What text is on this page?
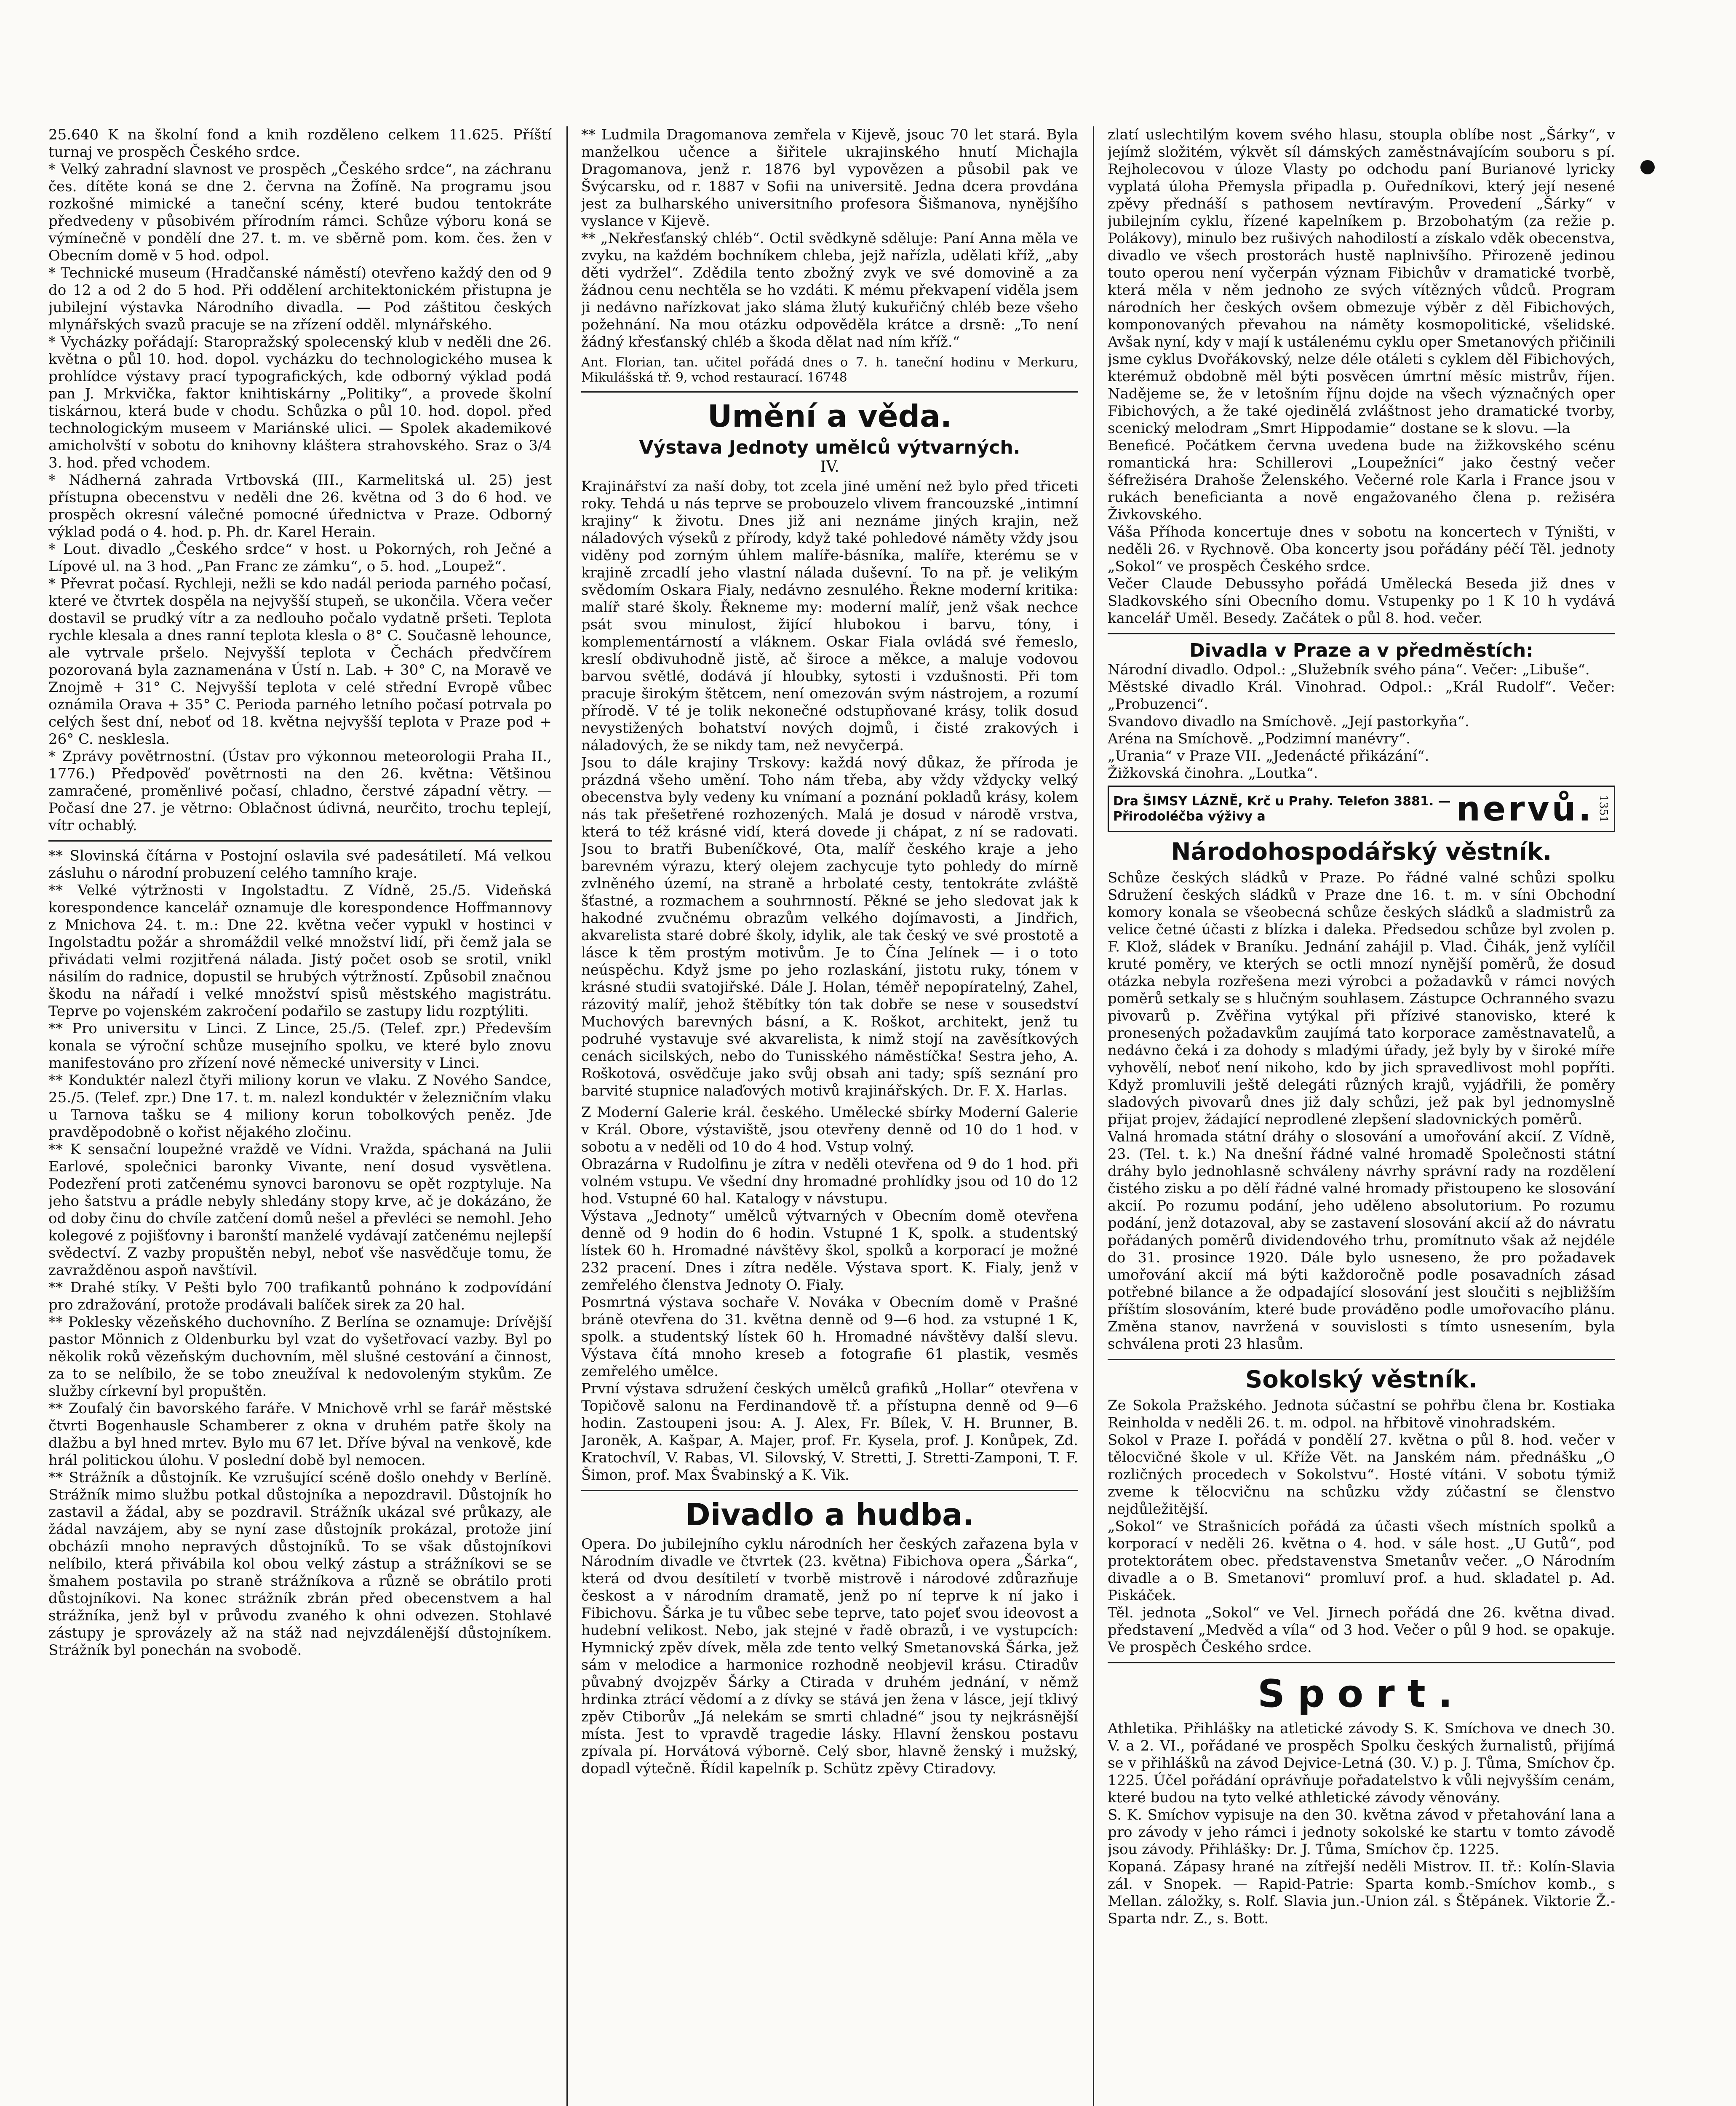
25.640 K na školní fond a knih rozděleno celkem 11.625. Příští turnaj ve prospěch Českého srdce.
* Velký zahradní slavnost ve prospěch „Českého srdce“, na záchranu čes. dítěte koná se dne 2. června na Žofíně. Na programu jsou rozkošné mimické a taneční scény, které budou tentokráte předvedeny v působivém přírodním rámci. Schůze výboru koná se výmínečně v pondělí dne 27. t. m. ve sběrně pom. kom. čes. žen v Obecním domě v 5 hod. odpol.
* Technické museum (Hradčanské náměstí) otevřeno každý den od 9 do 12 a od 2 do 5 hod. Při oddělení architektonickém přistupna je jubilejní výstavka Národního divadla. — Pod záštitou českých mlynářských svazů pracuje se na zřízení odděl. mlynářského.
* Vycházky pořádají: Staropražský spolecenský klub v neděli dne 26. května o půl 10. hod. dopol. vycházku do technologického musea k prohlídce výstavy prací typografických, kde odborný výklad podá pan J. Mrkvička, faktor knihtiskárny „Politiky“, a provede školní tiskárnou, která bude v chodu. Schůzka o půl 10. hod. dopol. před technologickým museem v Mariánské ulici. — Spolek akademikové amicholvští v sobotu do knihovny kláštera strahovského. Sraz o 3/4 3. hod. před vchodem.
* Nádherná zahrada Vrtbovská (III., Karmelitská ul. 25) jest přístupna obecenstvu v neděli dne 26. května od 3 do 6 hod. ve prospěch okresní válečné pomocné úřednictva v Praze. Odborný výklad podá o 4. hod. p. Ph. dr. Karel Herain.
* Lout. divadlo „Českého srdce“ v host. u Pokorných, roh Ječné a Lípové ul. na 3 hod. „Pan Franc ze zámku“, o 5. hod. „Loupež“.
* Převrat počasí. Rychleji, nežli se kdo nadál perioda parného počasí, které ve čtvrtek dospěla na nejvyšší stupeň, se ukončila. Včera večer dostavil se prudký vítr a za nedlouho počalo vydatně pršeti. Teplota rychle klesala a dnes ranní teplota klesla o 8° C. Současně lehounce, ale vytrvale pršelo. Nejvyšší teplota v Čechách předvčírem pozorovaná byla zaznamenána v Ústí n. Lab. + 30° C, na Moravě ve Znojmě + 31° C. Nejvyšší teplota v celé střední Evropě vůbec oznámila Orava + 35° C. Perioda parného letního počasí potrvala po celých šest dní, neboť od 18. května nejvyšší teplota v Praze pod + 26° C. nesklesla.
* Zprávy povětrnostní. (Ústav pro výkonnou meteorologii Praha II., 1776.) Předpověď povětrnosti na den 26. května: Většinou zamračené, proměnlivé počasí, chladno, čerstvé západní větry. — Počasí dne 27. je větrno: Oblačnost údivná, neurčito, trochu teplejí, vítr ochablý.

** Slovinská čítárna v Postojní oslavila své padesátiletí. Má velkou zásluhu o národní probuzení celého tamního kraje.
** Velké výtržnosti v Ingolstadtu. Z Vídně, 25./5. Videňská korespondence kancelář oznamuje dle korespondence Hoffmannovy z Mnichova 24. t. m.: Dne 22. května večer vypukl v hostinci v Ingolstadtu požár a shromáždil velké množství lidí, při čemž jala se přivádati velmi rozjitřená nálada. Jistý počet osob se srotil, vnikl násilím do radnice, dopustil se hrubých výtržností. Způsobil značnou škodu na nářadí i velké množství spisů městského magistrátu. Teprve po vojenském zakročení podařilo se zastupy lidu rozptýliti.
** Pro universitu v Linci. Z Lince, 25./5. (Telef. zpr.) Především konala se výroční schůze musejního spolku, ve které bylo znovu manifestováno pro zřízení nové německé university v Linci.
** Konduktér nalezl čtyři miliony korun ve vlaku. Z Nového Sandce, 25./5. (Telef. zpr.) Dne 17. t. m. nalezl konduktér v železničním vlaku u Tarnova tašku se 4 miliony korun tobolkových peněz. Jde pravděpodobně o kořist nějakého zločinu.
** K sensační loupežné vraždě ve Vídni. Vražda, spáchaná na Julii Earlové, společnici baronky Vivante, není dosud vysvětlena. Podezření proti zatčenému synovci baronovu se opět rozptyluje. Na jeho šatstvu a prádle nebyly shledány stopy krve, ač je dokázáno, že od doby činu do chvíle zatčení domů nešel a převléci se nemohl. Jeho kolegové z pojišťovny i baronští manželé vydávají zatčenému nejlepší svědectví. Z vazby propuštěn nebyl, neboť vše nasvědčuje tomu, že zavražděnou aspoň navštívil.
** Drahé stíky. V Pešti bylo 700 trafikantů pohnáno k zodpovídání pro zdražování, protože prodávali balíček sirek za 20 hal.
** Poklesky vězeňského duchovního. Z Berlína se oznamuje: Drívější pastor Mönnich z Oldenburku byl vzat do vyšetřovací vazby. Byl po několik roků vězeňským duchovním, měl slušné cestování a činnost, za to se nelíbilo, že se tobo zneužíval k nedovoleným stykům. Ze služby církevní byl propuštěn.
** Zoufalý čin bavorského faráře. V Mnichově vrhl se farář městské čtvrti Bogenhausle Schamberer z okna v druhém patře školy na dlažbu a byl hned mrtev. Bylo mu 67 let. Dříve býval na venkově, kde hrál politickou úlohu. V poslední době byl nemocen.
** Strážník a důstojník. Ke vzrušující scéně došlo onehdy v Berlíně. Strážník mimo službu potkal důstojníka a nepozdravil. Důstojník ho zastavil a žádal, aby se pozdravil. Strážník ukázal své průkazy, ale žádal navzájem, aby se nyní zase důstojník prokázal, protože jiní obcházíi mnoho nepravých důstojníků. To se však důstojníkovi nelíbilo, která přivábila kol obou velký zástup a strážníkovi se se šmahem postavila po straně strážníkova a různě se obrátilo proti důstojníkovi. Na konec strážník zbrán před obecenstvem a hal strážníka, jenž byl v průvodu zvaného k ohni odvezen. Stohlavé zástupy je sprovázely až na stáž nad nejvzdálenější důstojníkem. Strážník byl ponechán na svobodě.

** Ludmila Dragomanova zemřela v Kijevě, jsouc 70 let stará. Byla manželkou učence a šiřitele ukrajinského hnutí Michajla Dragomanova, jenž r. 1876 byl vypovězen a působil pak ve Švýcarsku, od r. 1887 v Sofii na universitě. Jedna dcera provdána jest za bulharského universitního profesora Šišmanova, nynějšího vyslance v Kijevě.
** „Nekřesťanský chléb“. Octil svědkyně sděluje: Paní Anna měla ve zvyku, na každém bochníkem chleba, jejž nařízla, udělati kříž, „aby děti vydržel“. Zdědila tento zbožný zvyk ve své domovině a za žádnou cenu nechtěla se ho vzdáti. K mému překvapení viděla jsem ji nedávno nařízkovat jako sláma žlutý kukuřičný chléb beze všeho požehnání. Na mou otázku odpověděla krátce a drsně: „To není žádný křesťanský chléb a škoda dělat nad ním kříž.“

Ant. Florian, tan. učitel pořádá dnes o 7. h. taneční hodinu v Merkuru, Mikulášská tř. 9, vchod restaurací. 16748

Umění a věda.
Výstava Jednoty umělců výtvarných.

IV.

Krajinářství za naší doby, tot zcela jiné umění než bylo před třiceti roky. Tehdá u nás teprve se probouzelo vlivem francouzské „intimní krajiny“ k životu. Dnes již ani neznáme jiných krajin, než náladových výseků z přírody, když také pohledové náměty vždy jsou viděny pod zorným úhlem malíře-básníka, malíře, kterému se v krajině zrcadlí jeho vlastní nálada duševní. To na př. je velikým svědomím Oskara Fialy, nedávno zesnulého. Řekne moderní kritika: malíř staré školy. Řekneme my: moderní malíř, jenž však nechce psát svou minulost, žijící hlubokou i barvu, tóny, i komplementárností a vláknem. Oskar Fiala ovládá své řemeslo, kreslí obdivuhodně jistě, ač široce a měkce, a maluje vodovou barvou světlé, dodává jí hloubky, sytosti i vzdušnosti. Při tom pracuje širokým štětcem, není omezován svým nástrojem, a rozumí přírodě. V té je tolik nekonečné odstupňované krásy, tolik dosud nevystižených bohatství nových dojmů, i čisté zrakových i náladových, že se nikdy tam, než nevyčerpá.
Jsou to dále krajiny Trskovy: každá nový důkaz, že příroda je prázdná všeho umění. Toho nám třeba, aby vždy vždycky velký obecenstva byly vedeny ku vnímaní a poznání pokladů krásy, kolem nás tak přešetřené rozhozených. Malá je dosud v národě vrstva, která to též krásné vidí, která dovede ji chápat, z ní se radovati. Jsou to bratři Bubeníčkové, Ota, malíř českého kraje a jeho barevném výrazu, který olejem zachycuje tyto pohledy do mírně zvlněného území, na straně a hrbolaté cesty, tentokráte zvláště šťastné, a rozmachem a souhrnností. Pěkné se jeho sledovat jak k hakodné zvučnému obrazům velkého dojímavosti, a Jindřich, akvarelista staré dobré školy, idylik, ale tak český ve své prostotě a lásce k těm prostým motivům. Je to Čína Jelínek — i o toto neúspěchu. Když jsme po jeho rozlaskání, jistotu ruky, tónem v krásné studii svatojiřské. Dále J. Holan, téměř nepopíratelný, Zahel, rázovitý malíř, jehož štěbítky tón tak dobře se nese v sousedství Muchových barevných básní, a K. Roškot, architekt, jenž tu podruhé vystavuje své akvarelista, k nimž stojí na zavěsítkových cenách sicilských, nebo do Tunisského náměstíčka! Sestra jeho, A. Roškotová, osvědčuje jako svůj obsah ani tady; spíš seznání pro barvité stupnice nalaďových motivů krajinářských. Dr. F. X. Harlas.

Z Moderní Galerie král. českého. Umělecké sbírky Moderní Galerie v Král. Obore, výstaviště, jsou otevřeny denně od 10 do 1 hod. v sobotu a v neděli od 10 do 4 hod. Vstup volný.
Obrazárna v Rudolfinu je zítra v neděli otevřena od 9 do 1 hod. při volném vstupu. Ve všední dny hromadné prohlídky jsou od 10 do 12 hod. Vstupné 60 hal. Katalogy v návstupu.
Výstava „Jednoty“ umělců výtvarných v Obecním domě otevřena denně od 9 hodin do 6 hodin. Vstupné 1 K, spolk. a studentský lístek 60 h. Hromadné návštěvy škol, spolků a korporací je možné 232 pracení. Dnes i zítra neděle. Výstava sport. K. Fialy, jenž v zemřelého členstva Jednoty O. Fialy.
Posmrtná výstava sochaře V. Nováka v Obecním domě v Prašné bráně otevřena do 31. května denně od 9—6 hod. za vstupné 1 K, spolk. a studentský lístek 60 h. Hromadné návštěvy další slevu. Výstava čítá mnoho kreseb a fotografie 61 plastik, vesměs zemřelého umělce.
První výstava sdružení českých umělců grafiků „Hollar“ otevřena v Topičově salonu na Ferdinandově tř. a přístupna denně od 9—6 hodin. Zastoupeni jsou: A. J. Alex, Fr. Bílek, V. H. Brunner, B. Jaroněk, A. Kašpar, A. Majer, prof. Fr. Kysela, prof. J. Konůpek, Zd. Kratochvíl, V. Rabas, Vl. Silovský, V. Stretti, J. Stretti-Zamponi, T. F. Šimon, prof. Max Švabinský a K. Vik.

Divadlo a hudba.

Opera. Do jubilejního cyklu národních her českých zařazena byla v Národním divadle ve čtvrtek (23. května) Fibichova opera „Šárka“, která od dvou desítiletí v tvorbě mistrově i národové zdůrazňuje českost a v národním dramatě, jenž po ní teprve k ní jako i Fibichovu. Šárka je tu vůbec sebe teprve, tato pojeť svou ideovost a hudební velikost. Nebo, jak stejné v řadě obrazů, i ve vystupcích: Hymnický zpěv dívek, měla zde tento velký Smetanovská Šárka, jež sám v melodice a harmonice rozhodně neobjevil krásu. Ctiradův půvabný dvojzpěv Šárky a Ctirada v druhém jednání, v němž hrdinka ztrácí vědomí a z dívky se stává jen žena v lásce, její tklivý zpěv Ctiborův „Já nelekám se smrti chladné“ jsou ty nejkrásnější místa. Jest to vpravdě tragedie lásky. Hlavní ženskou postavu zpívala pí. Horvátová výborně. Celý sbor, hlavně ženský i mužský, dopadl výtečně. Řídil kapelník p. Schütz zpěvy Ctiradovy.

zlatí uslechtilým kovem svého hlasu, stoupla oblíbe nost „Šárky“, v jejímž složitém, výkvět síl dámských zaměstnávajícím souboru s pí. Rejholecovou v úloze Vlasty po odchodu paní Burianové lyricky vyplatá úloha Přemysla připadla p. Ouředníkovi, který její nesené zpěvy přednáší s pathosem nevtíravým. Provedení „Šárky“ v jubilejním cyklu, řízené kapelníkem p. Brzobohatým (za režie p. Polákovy), minulo bez rušivých nahodilostí a získalo vděk obecenstva, divadlo ve všech prostorách hustě naplnivšího. Přirozeně jedinou touto operou není vyčerpán význam Fibichův v dramatické tvorbě, která měla v něm jednoho ze svých vítězných vůdců. Program národních her českých ovšem obmezuje výběr z děl Fibichových, komponovaných převahou na náměty kosmopolitické, všelidské. Avšak nyní, kdy v mají k ustálenému cyklu oper Smetanových přičinili jsme cyklus Dvořákovský, nelze déle otáleti s cyklem děl Fibichových, kterémuž obdobně měl býti posvěcen úmrtní měsíc mistrův, říjen. Nadějeme se, že v letošním říjnu dojde na všech význačných oper Fibichových, a že také ojedinělá zvláštnost jeho dramatické tvorby, scenický melodram „Smrt Hippodamie“ dostane se k slovu. —la
Beneficé. Počátkem června uvedena bude na žižkovského scénu romantická hra: Schillerovi „Loupežníci“ jako čestný večer šéfrežiséra Drahoše Želenského. Večerné role Karla i France jsou v rukách beneficianta a nově engažovaného člena p. režiséra Živkovského.
Váša Příhoda koncertuje dnes v sobotu na koncertech v Týništi, v neděli 26. v Rychnově. Oba koncerty jsou pořádány péčí Těl. jednoty „Sokol“ ve prospěch Českého srdce.
Večer Claude Debussyho pořádá Umělecká Beseda již dnes v Sladkovského síni Obecního domu. Vstupenky po 1 K 10 h vydává kancelář Uměl. Besedy. Začátek o půl 8. hod. večer.

Divadla v Praze a v předměstích:

Národní divadlo. Odpol.: „Služebník svého pána“. Večer: „Libuše“.
Městské divadlo Král. Vinohrad. Odpol.: „Král Rudolf“. Večer: „Probuzenci“.
Svandovo divadlo na Smíchově. „Její pastorkyňa“.
Aréna na Smíchově. „Podzimní manévry“.
„Urania“ v Praze VII. „Jedenácté přikázání“.
Žižkovská činohra. „Loutka“.

Dra ŠIMSY LÁZNĚ, Krč u Prahy. Telefon 3881. — Přirodoléčba výživy a	nervů. 1351
Národohospodářský věstník.

Schůze českých sládků v Praze. Po řádné valné schůzi spolku Sdružení českých sládků v Praze dne 16. t. m. v síni Obchodní komory konala se všeobecná schůze českých sládků a sladmistrů za velice četné účasti z blízka i daleka. Předsedou schůze byl zvolen p. F. Klož, sládek v Braníku. Jednání zahájil p. Vlad. Čihák, jenž vylíčil kruté poměry, ve kterých se octli mnozí nynější poměrů, že dosud otázka nebyla rozřešena mezi výrobci a požadavků v rámci nových poměrů setkaly se s hlučným souhlasem. Zástupce Ochranného svazu pivovarů p. Zvěřina vytýkal při přízivé stanovisko, které k pronesených požadavkům zaujímá tato korporace zaměstnavatelů, a nedávno čeká i za dohody s mladými úřady, jež byly by v široké míře vyhovělí, neboť není nikoho, kdo by jich spravedlivost mohl popříti. Když promluvili ještě delegáti různých krajů, vyjádřili, že poměry sladových pivovarů dnes již daly schůzi, jež pak byl jednomyslně přijat projev, žádající neprodlené zlepšení sladovnických poměrů.
Valná hromada státní dráhy o slosování a umořování akcií. Z Vídně, 23. (Tel. t. k.) Na dnešní řádné valné hromadě Společnosti státní dráhy bylo jednohlasně schváleny návrhy správní rady na rozdělení čistého zisku a po dělí řádné valné hromady přistoupeno ke slosování akcií. Po rozumu podání, jeho uděleno absolutorium. Po rozumu podání, jenž dotazoval, aby se zastavení slosování akcií až do návratu pořádaných poměrů dividendového trhu, promítnuto však až nejdéle do 31. prosince 1920. Dále bylo usneseno, že pro požadavek umořování akcií má býti každoročně podle posavadních zásad potřebné bilance a že odpadající slosování jest sloučiti s nejbližším příštím slosováním, které bude prováděno podle umořovacího plánu. Změna stanov, navržená v souvislosti s tímto usnesením, byla schválena proti 23 hlasům.

Sokolský věstník.

Ze Sokola Pražského. Jednota súčastní se pohřbu člena br. Kostiaka Reinholda v neděli 26. t. m. odpol. na hřbitově vinohradském.
Sokol v Praze I. pořádá v pondělí 27. května o půl 8. hod. večer v tělocvičné škole v ul. Kříže Vět. na Janském nám. přednášku „O rozličných procedech v Sokolstvu“. Hosté vítáni. V sobotu týmiž zveme k tělocvičnu na schůzku vždy zúčastní se členstvo nejdůležitější.
„Sokol“ ve Strašnicích pořádá za účasti všech místních spolků a korporací v neděli 26. května o 4. hod. v sále host. „U Gutů“, pod protektorátem obec. představenstva Smetanův večer. „O Národním divadle a o B. Smetanovi“ promluví prof. a hud. skladatel p. Ad. Piskáček.
Těl. jednota „Sokol“ ve Vel. Jirnech pořádá dne 26. května divad. představení „Medvěd a víla“ od 3 hod. Večer o půl 9 hod. se opakuje. Ve prospěch Českého srdce.

Sport.

Athletika. Přihlášky na atletické závody S. K. Smíchova ve dnech 30. V. a 2. VI., pořádané ve prospěch Spolku českých žurnalistů, přijímá se v přihlášků na závod Dejvice-Letná (30. V.) p. J. Tůma, Smíchov čp. 1225. Účel pořádání oprávňuje pořadatelstvo k vůli nejvyšším cenám, které budou na tyto velké athletické závody věnovány.
S. K. Smíchov vypisuje na den 30. května závod v přetahování lana a pro závody v jeho rámci i jednoty sokolské ke startu v tomto závodě jsou závody. Přihlášky: Dr. J. Tůma, Smíchov čp. 1225.
Kopaná. Zápasy hrané na zítřejší neděli Mistrov. II. tř.: Kolín-Slavia zál. v Snopek. — Rapid-Patrie: Sparta komb.-Smíchov komb., s Mellan. záložky, s. Rolf. Slavia jun.-Union zál. s Štěpánek. Viktorie Ž.-Sparta ndr. Z., s. Bott.
